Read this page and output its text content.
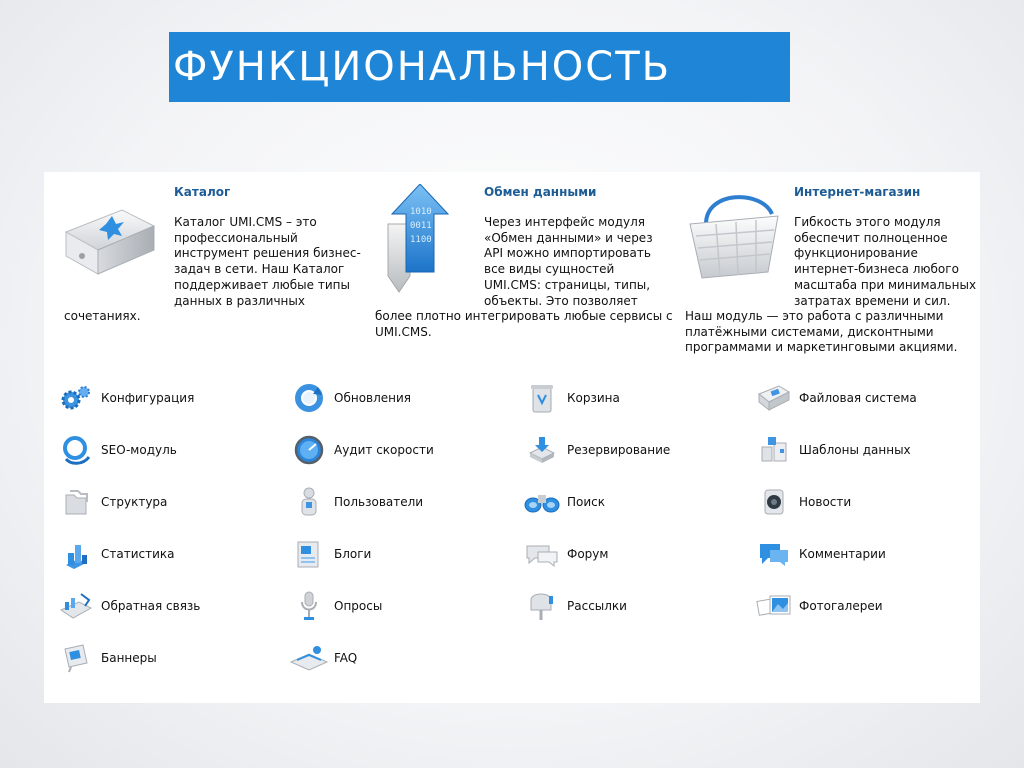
ФУНКЦИОНАЛЬНОСТЬ
Каталог
Каталог UMI.CMS – это
профессиональный
инструмент решения бизнес-
задач в сети. Наш Каталог
поддерживает любые типы
данных в различных
сочетаниях.
1010
0011
1100
Обмен данными
Через интерфейс модуля
«Обмен данными» и через
API можно импортировать
все виды сущностей
UMI.CMS: страницы, типы,
объекты. Это позволяет
более плотно интегрировать любые сервисы с
UMI.CMS.
Интернет-магазин
Гибкость этого модуля
обеспечит полноценное
функционирование
интернет-бизнеса любого
масштаба при минимальных
затратах времени и сил.
Наш модуль — это работа с различными
платёжными системами, дисконтными
программами и маркетинговыми акциями.
Конфигурация	Обновления	Корзина	Файловая система
SEO-модуль	Аудит скорости	Резервирование	Шаблоны данных
Структура	Пользователи	Поиск	Новости
Статистика	Блоги	Форум	Комментарии
Обратная связь	Опросы	Рассылки	Фотогалереи
Баннеры	FAQ
